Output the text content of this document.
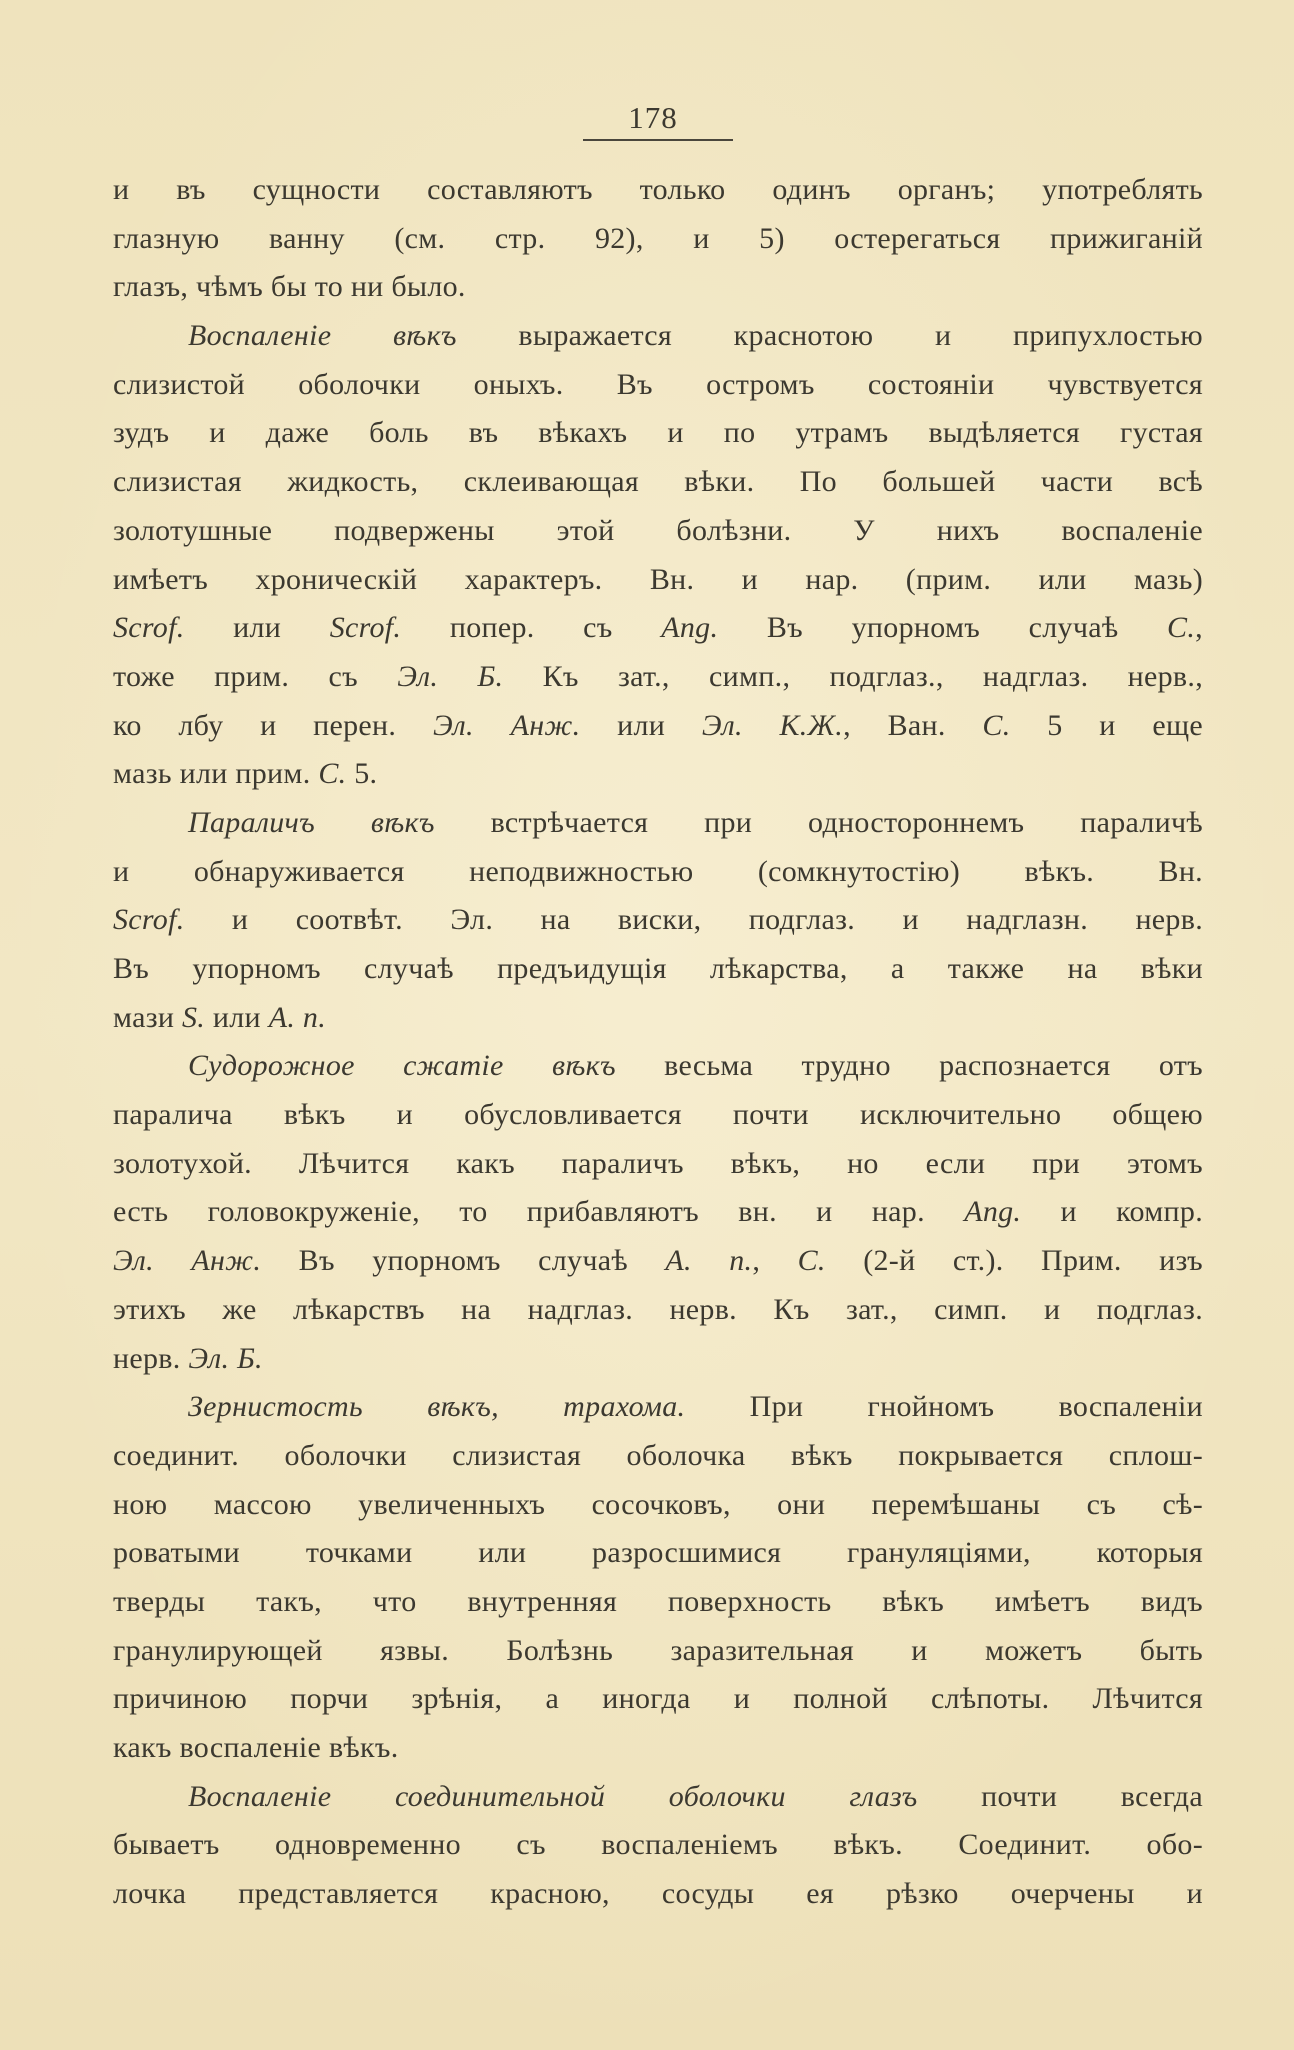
178
и въ сущности составляютъ только одинъ органъ; употреблять
глазную ванну (см. стр. 92), и 5) остерегаться прижиганій
глазъ, чѣмъ бы то ни было.
Воспаленіе вѣкъ выражается краснотою и припухлостью
слизистой оболочки оныхъ. Въ остромъ состояніи чувствуется
зудъ и даже боль въ вѣкахъ и по утрамъ выдѣляется густая
слизистая жидкость, склеивающая вѣки. По большей части всѣ
золотушные подвержены этой болѣзни. У нихъ воспаленіе
имѣетъ хроническій характеръ. Вн. и нар. (прим. или мазь)
Scrof. или Scrof. попер. съ Ang. Въ упорномъ случаѣ C.,
тоже прим. съ Эл. Б. Къ зат., симп., подглаз., надглаз. нерв.,
ко лбу и перен. Эл. Анж. или Эл. К.Ж., Ван. C. 5 и еще
мазь или прим. C. 5.
Параличъ вѣкъ встрѣчается при одностороннемъ параличѣ
и обнаруживается неподвижностью (сомкнутостію) вѣкъ. Вн.
Scrof. и соотвѣт. Эл. на виски, подглаз. и надглазн. нерв.
Въ упорномъ случаѣ предъидущія лѣкарства, а также на вѣки
мази S. или A. n.
Судорожное сжатіе вѣкъ весьма трудно распознается отъ
паралича вѣкъ и обусловливается почти исключительно общею
золотухой. Лѣчится какъ параличъ вѣкъ, но если при этомъ
есть головокруженіе, то прибавляютъ вн. и нар. Ang. и компр.
Эл. Анж. Въ упорномъ случаѣ A. n., C. (2-й ст.). Прим. изъ
этихъ же лѣкарствъ на надглаз. нерв. Къ зат., симп. и подглаз.
нерв. Эл. Б.
Зернистость вѣкъ, трахома. При гнойномъ воспаленіи
соединит. оболочки слизистая оболочка вѣкъ покрывается сплош-
ною массою увеличенныхъ сосочковъ, они перемѣшаны съ сѣ-
роватыми точками или разросшимися грануляціями, которыя
тверды такъ, что внутренняя поверхность вѣкъ имѣетъ видъ
гранулирующей язвы. Болѣзнь заразительная и можетъ быть
причиною порчи зрѣнія, а иногда и полной слѣпоты. Лѣчится
какъ воспаленіе вѣкъ.
Воспаленіе соединительной оболочки глазъ почти всегда
бываетъ одновременно съ воспаленіемъ вѣкъ. Соединит. обо-
лочка представляется красною, сосуды ея рѣзко очерчены и
